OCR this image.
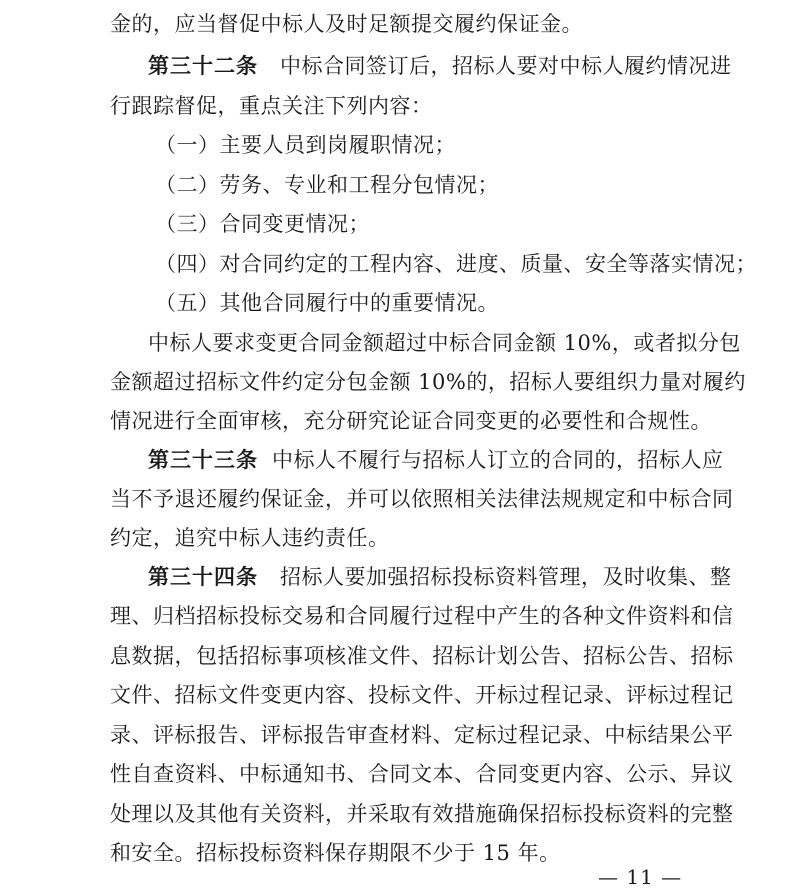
金的，应当督促中标人及时足额提交履约保证金。
第三十二条 中标合同签订后，招标人要对中标人履约情况进
行跟踪督促，重点关注下列内容：
（一）主要人员到岗履职情况；
（二）劳务、专业和工程分包情况；
（三）合同变更情况；
（四）对合同约定的工程内容、进度、质量、安全等落实情况；
（五）其他合同履行中的重要情况。
中标人要求变更合同金额超过中标合同金额 10%，或者拟分包
金额超过招标文件约定分包金额 10%的，招标人要组织力量对履约
情况进行全面审核，充分研究论证合同变更的必要性和合规性。
第三十三条 中标人不履行与招标人订立的合同的，招标人应
当不予退还履约保证金，并可以依照相关法律法规规定和中标合同
约定，追究中标人违约责任。
第三十四条 招标人要加强招标投标资料管理，及时收集、整
理、归档招标投标交易和合同履行过程中产生的各种文件资料和信
息数据，包括招标事项核准文件、招标计划公告、招标公告、招标
文件、招标文件变更内容、投标文件、开标过程记录、评标过程记
录、评标报告、评标报告审查材料、定标过程记录、中标结果公平
性自查资料、中标通知书、合同文本、合同变更内容、公示、异议
处理以及其他有关资料，并采取有效措施确保招标投标资料的完整
和安全。招标投标资料保存期限不少于 15 年。
— 11 —
